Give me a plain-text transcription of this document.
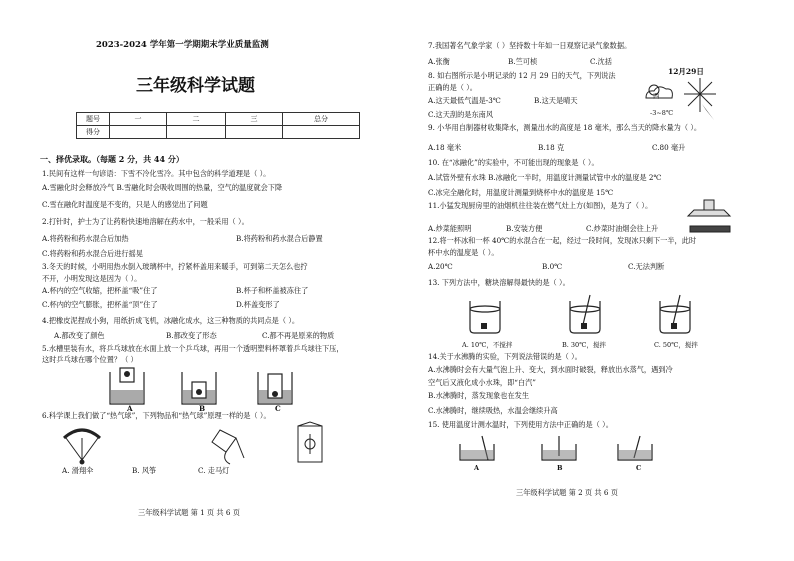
2023-2024 学年第一学期期末学业质量监测
三年级科学试题
题号	一	二	三	总分
得分				
一、择优录取。（每题 2 分，共 44 分）
1.民间有这样一句谚语：下雪不冷化雪冷。其中包含的科学道理是（ ）。
A.雪融化时会释放冷气 B.雪融化时会吸收周围的热量，空气的温度就会下降
C.雪在融化时温度是不变的，只是人的感觉出了问题
2.打针时，护士为了让药粉快速地溶解在药水中，一般采用（ ）。
A.将药粉和药水混合后加热	B.将药粉和药水混合后静置
C.将药粉和药水混合后进行摇晃
3.冬天的时候，小明用热水倒入玻璃杯中，拧紧杯盖用来暖手，可到第二天怎么也拧
不开，小明发现这是因为（ ）。
A.杯内的空气收缩，把杯盖“吸”住了	B.杯子和杯盖被冻住了
C.杯内的空气膨胀，把杯盖“顶”住了	D.杯盖变形了
4.把橡皮泥捏成小狗，用纸折成飞机，冰融化成水，这三种物质的共同点是（ ）。
A.都改变了颜色	B.都改变了形态	C.都不再是原来的物质
5.水槽里装有水，将乒乓球放在水面上放一个乒乓球，再用一个透明塑料杯罩着乒乓球往下压，
这时乒乓球在哪个位置？（ ）
A	B	C
6.科学课上我们做了“热气球”，下列物品和“热气球”原理一样的是（ ）。
A. 滑翔伞	B. 风筝	C. 走马灯
三年级科学试题 第 1 页 共 6 页
7.我国著名气象学家（ ）坚持数十年如一日观察记录气象数据。
A.张衡	B.竺可桢	C.沈括
8. 如右图所示是小明记录的 12 月 29 日的天气，下列说法
正确的是（ ）。
A.这天最低气温是-3℃	B.这天是晴天
C.这天刮的是东南风
12月29日
西
-3~8℃
9. 小华用自制器材收集降水，测量出水的高度是 18 毫米，那么当天的降水量为（ ）。
A.18 毫米	B.18 克	C.80 毫升
10. 在“冰融化”的实验中，不可能出现的现象是（ ）。
A.试管外壁有水珠 B.冰融化一半时，用温度计测量试管中水的温度是 2℃
C.冰完全融化时，用温度计测量到烧杯中水的温度是 15℃
11.小猛发现厨房里的油烟机往往装在燃气灶上方(如图)，是为了（ ）。
A.炒菜能照明	B.安装方便	C.炒菜时油烟会往上升
12.将一杯冰和一杯 40℃的水混合在一起，经过一段时间，发现冰只剩下一半，此时
杯中水的温度是（ ）。
A.20℃	B.0℃	C.无法判断
13. 下列方法中，糖块溶解得最快的是（ ）。
A. 10℃，不搅拌	B. 30℃，搅拌	C. 50℃，搅拌
14.关于水沸腾的实验，下列说法错误的是（ ）。
A.水沸腾时会有大量气泡上升、变大，到水面时破裂，释放出水蒸气，遇到冷
空气后又液化成小水珠，即“白汽”
B.水沸腾时，蒸发现象也在发生
C.水沸腾时，继续吸热，水温会继续升高
15. 使用温度计测水温时，下列使用方法中正确的是（ ）。
A	B	C
三年级科学试题 第 2 页 共 6 页
